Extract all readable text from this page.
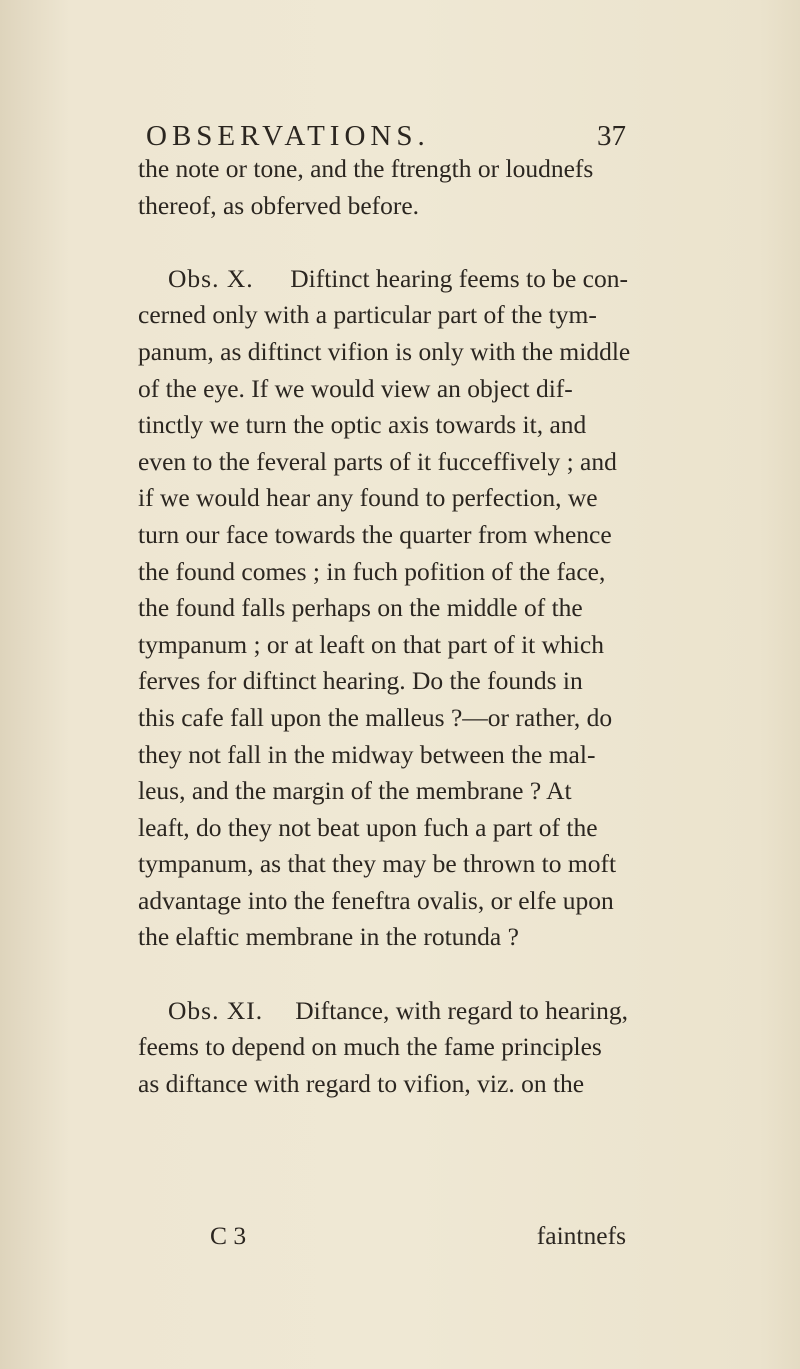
OBSERVATIONS.	37
the note or tone, and the ftrength or loudnefs
thereof, as obferved before.
Obs. X. Diftinct hearing feems to be con-
cerned only with a particular part of the tym-
panum, as diftinct vifion is only with the middle
of the eye. If we would view an object dif-
tinctly we turn the optic axis towards it, and
even to the feveral parts of it fucceffively ; and
if we would hear any found to perfection, we
turn our face towards the quarter from whence
the found comes ; in fuch pofition of the face,
the found falls perhaps on the middle of the
tympanum ; or at leaft on that part of it which
ferves for diftinct hearing. Do the founds in
this cafe fall upon the malleus ?—or rather, do
they not fall in the midway between the mal-
leus, and the margin of the membrane ? At
leaft, do they not beat upon fuch a part of the
tympanum, as that they may be thrown to moft
advantage into the feneftra ovalis, or elfe upon
the elaftic membrane in the rotunda ?
Obs. XI. Diftance, with regard to hearing,
feems to depend on much the fame principles
as diftance with regard to vifion, viz. on the
C 3	faintnefs
